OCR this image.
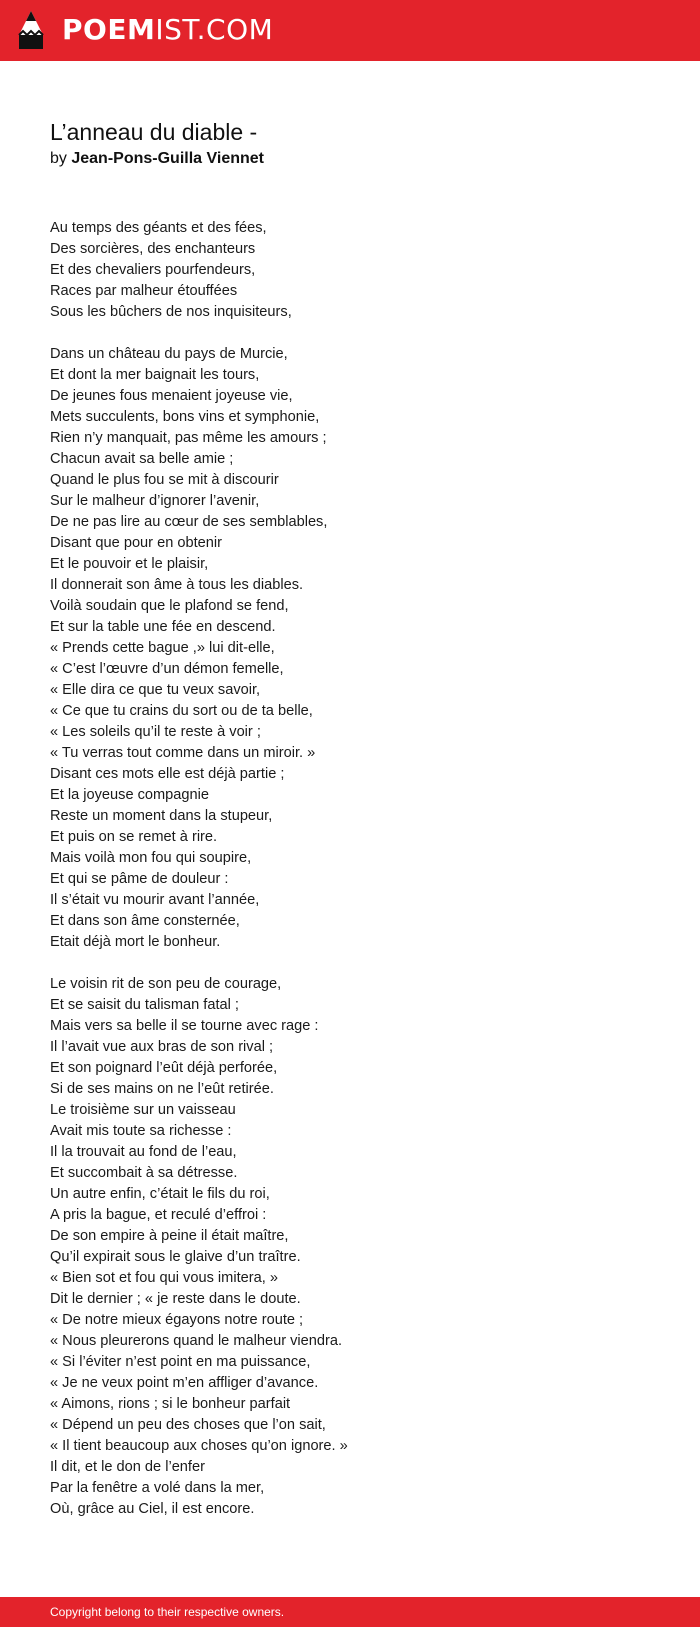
POEMIST.COM
L’anneau du diable -
by Jean-Pons-Guilla Viennet
Au temps des géants et des fées,
Des sorcières, des enchanteurs
Et des chevaliers pourfendeurs,
Races par malheur étouffées
Sous les bûchers de nos inquisiteurs,
Dans un château du pays de Murcie,
Et dont la mer baignait les tours,
De jeunes fous menaient joyeuse vie,
Mets succulents, bons vins et symphonie,
Rien n’y manquait, pas même les amours ;
Chacun avait sa belle amie ;
Quand le plus fou se mit à discourir
Sur le malheur d’ignorer l’avenir,
De ne pas lire au cœur de ses semblables,
Disant que pour en obtenir
Et le pouvoir et le plaisir,
Il donnerait son âme à tous les diables.
Voilà soudain que le plafond se fend,
Et sur la table une fée en descend.
« Prends cette bague ,» lui dit-elle,
« C’est l’œuvre d’un démon femelle,
« Elle dira ce que tu veux savoir,
« Ce que tu crains du sort ou de ta belle,
« Les soleils qu’il te reste à voir ;
« Tu verras tout comme dans un miroir. »
Disant ces mots elle est déjà partie ;
Et la joyeuse compagnie
Reste un moment dans la stupeur,
Et puis on se remet à rire.
Mais voilà mon fou qui soupire,
Et qui se pâme de douleur :
Il s’était vu mourir avant l’année,
Et dans son âme consternée,
Etait déjà mort le bonheur.
Le voisin rit de son peu de courage,
Et se saisit du talisman fatal ;
Mais vers sa belle il se tourne avec rage :
Il l’avait vue aux bras de son rival ;
Et son poignard l’eût déjà perforée,
Si de ses mains on ne l’eût retirée.
Le troisième sur un vaisseau
Avait mis toute sa richesse :
Il la trouvait au fond de l’eau,
Et succombait à sa détresse.
Un autre enfin, c’était le fils du roi,
A pris la bague, et reculé d’effroi :
De son empire à peine il était maître,
Qu’il expirait sous le glaive d’un traître.
« Bien sot et fou qui vous imitera, »
Dit le dernier ; « je reste dans le doute.
« De notre mieux égayons notre route ;
« Nous pleurerons quand le malheur viendra.
« Si l’éviter n’est point en ma puissance,
« Je ne veux point m’en affliger d’avance.
« Aimons, rions ; si le bonheur parfait
« Dépend un peu des choses que l’on sait,
« Il tient beaucoup aux choses qu’on ignore. »
Il dit, et le don de l’enfer
Par la fenêtre a volé dans la mer,
Où, grâce au Ciel, il est encore.
Copyright belong to their respective owners.
